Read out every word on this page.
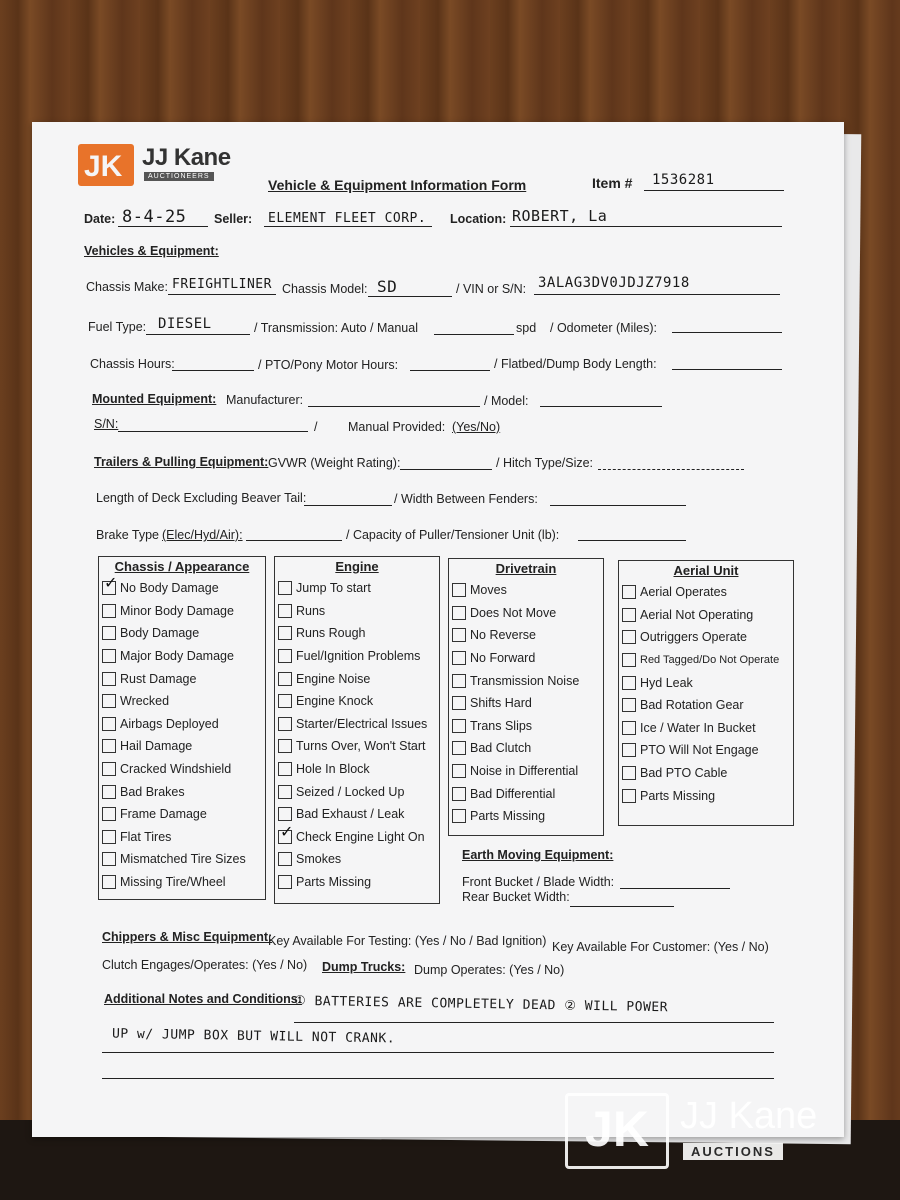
JK JJ Kane
AUCTIONEERS
Vehicle & Equipment Information Form	Item # 1536281
Date: 8-4-25 Seller: ELEMENT FLEET CORP. Location: ROBERT, La
Vehicles & Equipment:
Chassis Make: FREIGHTLINER Chassis Model: SD	/ VIN or S/N: 3ALAG3DV0JDJZ7918
Fuel Type: DIESEL	/ Transmission: Auto / Manual	spd / Odometer (Miles):
Chassis Hours:	/ PTO/Pony Motor Hours:	/ Flatbed/Dump Body Length:
Mounted Equipment: Manufacturer:	/ Model:
S/N:	/ Manual Provided: (Yes/No)
Trailers & Pulling Equipment: GVWR (Weight Rating):	/ Hitch Type/Size:
Length of Deck Excluding Beaver Tail:	/ Width Between Fenders:
Brake Type (Elec/Hyd/Air):	/ Capacity of Puller/Tensioner Unit (lb):
Chassis / Appearance
✓
No Body Damage
Minor Body Damage
Body Damage
Major Body Damage
Rust Damage
Wrecked
Airbags Deployed
Hail Damage
Cracked Windshield
Bad Brakes
Frame Damage
Flat Tires
Mismatched Tire Sizes
Missing Tire/Wheel
Engine
Jump To start
Runs
Runs Rough
Fuel/Ignition Problems
Engine Noise
Engine Knock
Starter/Electrical Issues
Turns Over, Won't Start
Hole In Block
Seized / Locked Up
Bad Exhaust / Leak
✓
Check Engine Light On
Smokes
Parts Missing
Drivetrain
Moves
Does Not Move
No Reverse
No Forward
Transmission Noise
Shifts Hard
Trans Slips
Bad Clutch
Noise in Differential
Bad Differential
Parts Missing
Aerial Unit
Aerial Operates
Aerial Not Operating
Outriggers Operate
Red Tagged/Do Not Operate
Hyd Leak
Bad Rotation Gear
Ice / Water In Bucket
PTO Will Not Engage
Bad PTO Cable
Parts Missing
Earth Moving Equipment:
Front Bucket / Blade Width:
Rear Bucket Width:
Chippers & Misc Equipment:
Key Available For Testing: (Yes / No / Bad Ignition) Key Available For Customer: (Yes / No)
Clutch Engages/Operates: (Yes / No) Dump Trucks: Dump Operates: (Yes / No)
Additional Notes and Conditions:
① BATTERIES ARE COMPLETELY DEAD ② WILL POWER
UP w/ JUMP BOX BUT WILL NOT CRANK.
JK JJ Kane
AUCTIONS
